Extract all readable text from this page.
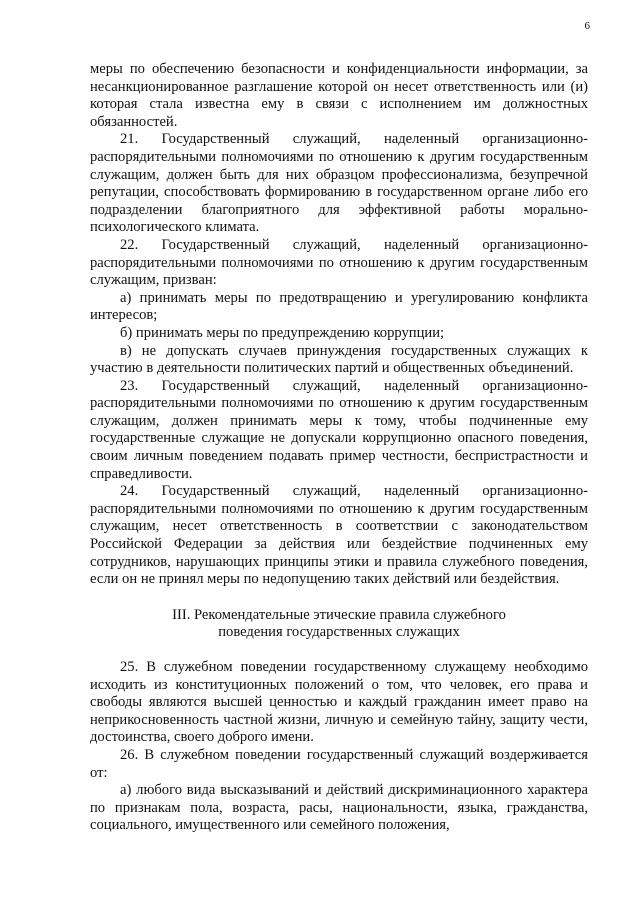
6

меры по обеспечению безопасности и конфиденциальности информации, за несанкционированное разглашение которой он несет ответственность или (и) которая стала известна ему в связи с исполнением им должностных обязанностей.

21. Государственный служащий, наделенный организационно-распорядительными полномочиями по отношению к другим государственным служащим, должен быть для них образцом профессионализма, безупречной репутации, способствовать формированию в государственном органе либо его подразделении благоприятного для эффективной работы морально-психологического климата.

22. Государственный служащий, наделенный организационно-распорядительными полномочиями по отношению к другим государственным служащим, призван:

а) принимать меры по предотвращению и урегулированию конфликта интересов;

б) принимать меры по предупреждению коррупции;

в) не допускать случаев принуждения государственных служащих к участию в деятельности политических партий и общественных объединений.

23. Государственный служащий, наделенный организационно-распорядительными полномочиями по отношению к другим государственным служащим, должен принимать меры к тому, чтобы подчиненные ему государственные служащие не допускали коррупционно опасного поведения, своим личным поведением подавать пример честности, беспристрастности и справедливости.

24. Государственный служащий, наделенный организационно-распорядительными полномочиями по отношению к другим государственным служащим, несет ответственность в соответствии с законодательством Российской Федерации за действия или бездействие подчиненных ему сотрудников, нарушающих принципы этики и правила служебного поведения, если он не принял меры по недопущению таких действий или бездействия.

III. Рекомендательные этические правила служебного
поведения государственных служащих

25. В служебном поведении государственному служащему необходимо исходить из конституционных положений о том, что человек, его права и свободы являются высшей ценностью и каждый гражданин имеет право на неприкосновенность частной жизни, личную и семейную тайну, защиту чести, достоинства, своего доброго имени.

26. В служебном поведении государственный служащий воздерживается от:

а) любого вида высказываний и действий дискриминационного характера по признакам пола, возраста, расы, национальности, языка, гражданства, социального, имущественного или семейного положения,
